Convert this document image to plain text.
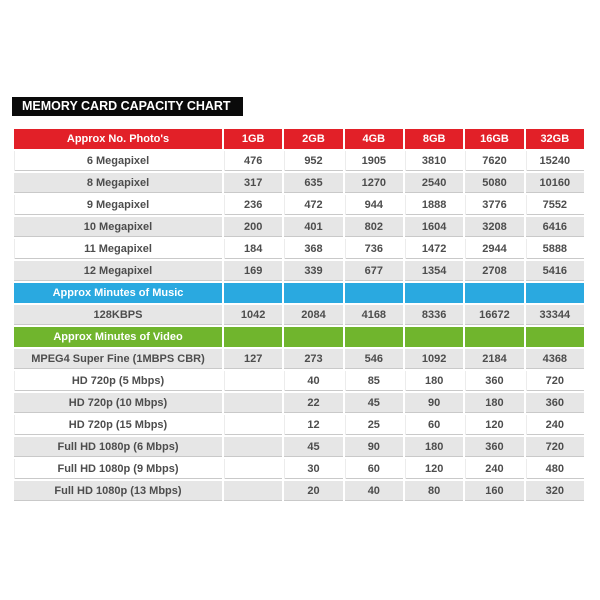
MEMORY CARD CAPACITY CHART
Approx No. Photo's	1GB	2GB	4GB	8GB	16GB	32GB
6 Megapixel	476	952	1905	3810	7620	15240
8 Megapixel	317	635	1270	2540	5080	10160
9 Megapixel	236	472	944	1888	3776	7552
10 Megapixel	200	401	802	1604	3208	6416
11 Megapixel	184	368	736	1472	2944	5888
12 Megapixel	169	339	677	1354	2708	5416
Approx Minutes of Music						
128KBPS	1042	2084	4168	8336	16672	33344
Approx Minutes of Video						
MPEG4 Super Fine (1MBPS CBR)	127	273	546	1092	2184	4368
HD 720p (5 Mbps)		40	85	180	360	720
HD 720p (10 Mbps)		22	45	90	180	360
HD 720p (15 Mbps)		12	25	60	120	240
Full HD 1080p (6 Mbps)		45	90	180	360	720
Full HD 1080p (9 Mbps)		30	60	120	240	480
Full HD 1080p (13 Mbps)		20	40	80	160	320
